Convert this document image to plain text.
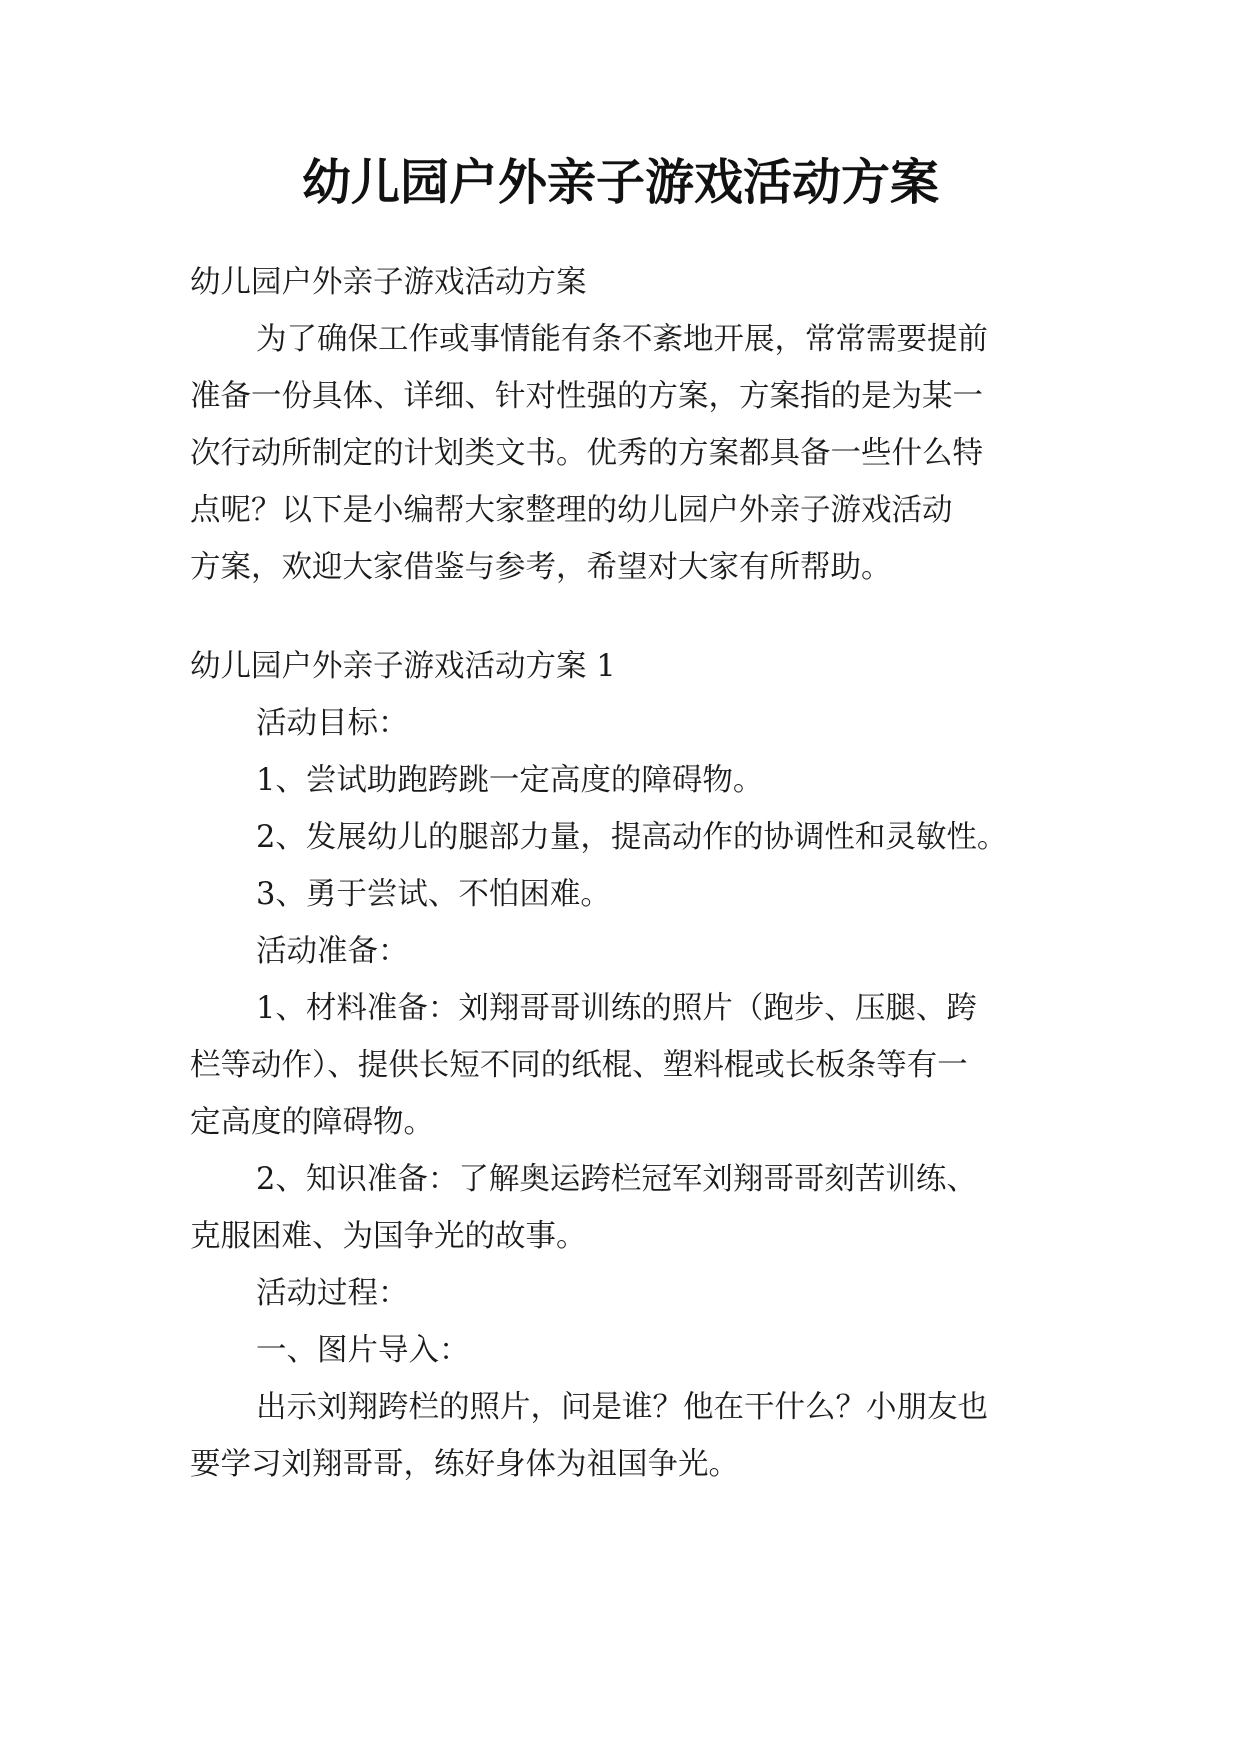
幼儿园户外亲子游戏活动方案
幼儿园户外亲子游戏活动方案
为了确保工作或事情能有条不紊地开展，常常需要提前
准备一份具体、详细、针对性强的方案，方案指的是为某一
次行动所制定的计划类文书。优秀的方案都具备一些什么特
点呢？以下是小编帮大家整理的幼儿园户外亲子游戏活动
方案，欢迎大家借鉴与参考，希望对大家有所帮助。
幼儿园户外亲子游戏活动方案 1
活动目标：
1、尝试助跑跨跳一定高度的障碍物。
2、发展幼儿的腿部力量，提高动作的协调性和灵敏性。
3、勇于尝试、不怕困难。
活动准备：
1、材料准备：刘翔哥哥训练的照片（跑步、压腿、跨
栏等动作）、提供长短不同的纸棍、塑料棍或长板条等有一
定高度的障碍物。
2、知识准备：了解奥运跨栏冠军刘翔哥哥刻苦训练、
克服困难、为国争光的故事。
活动过程：
一、图片导入：
出示刘翔跨栏的照片，问是谁？他在干什么？小朋友也
要学习刘翔哥哥，练好身体为祖国争光。
